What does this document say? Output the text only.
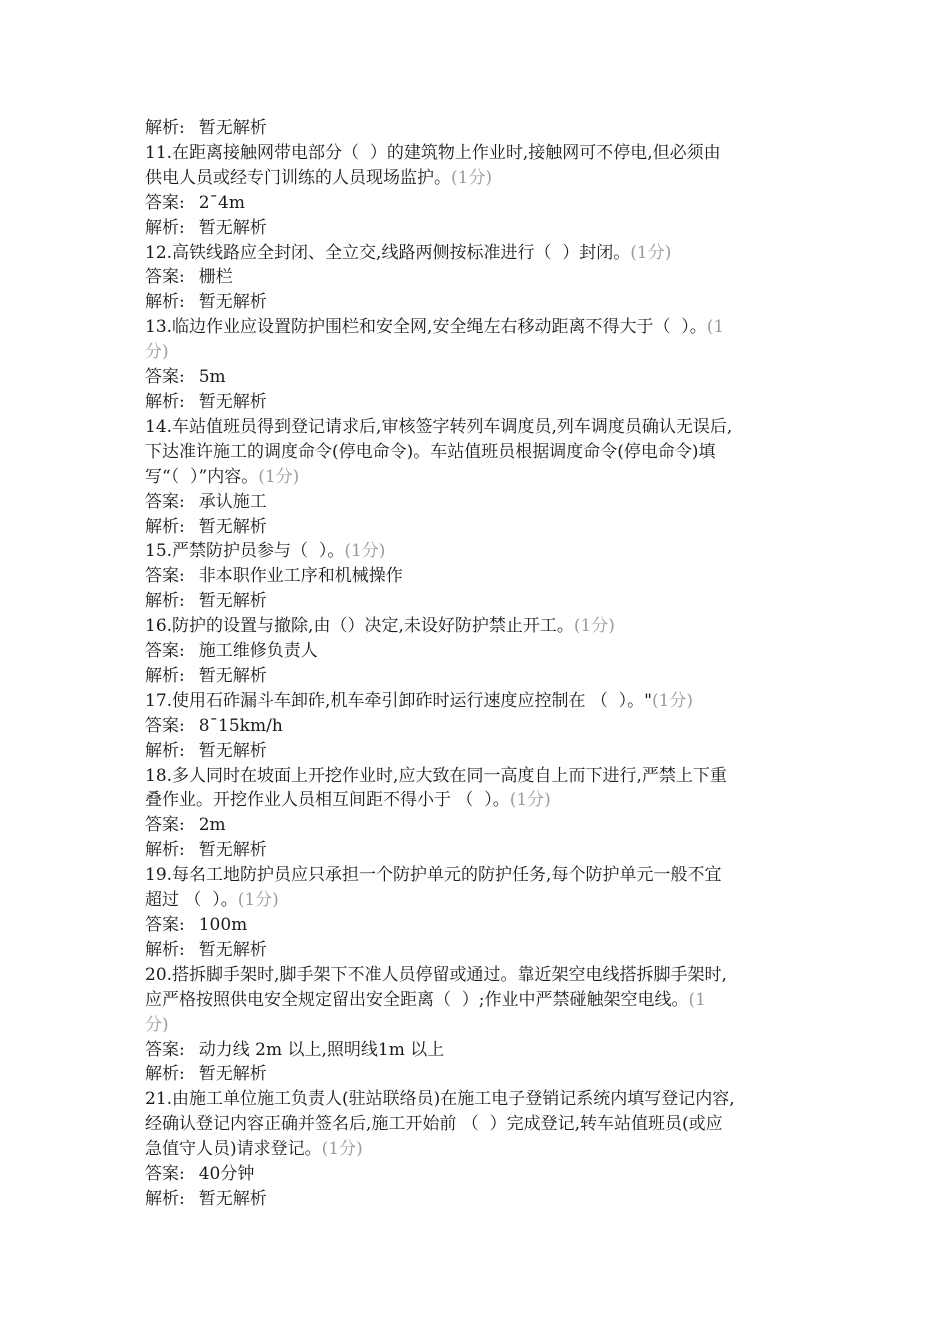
解析: 暂无解析
11.在距离接触网带电部分（  ）的建筑物上作业时,接触网可不停电,但必须由
供电人员或经专门训练的人员现场监护。(1分)
答案: 2¯4m
解析: 暂无解析
12.高铁线路应全封闭、全立交,线路两侧按标准进行（  ）封闭。(1分)
答案: 栅栏
解析: 暂无解析
13.临边作业应设置防护围栏和安全网,安全绳左右移动距离不得大于（  ）。(1
分)
答案: 5m
解析: 暂无解析
14.车站值班员得到登记请求后,审核签字转列车调度员,列车调度员确认无误后,
下达准许施工的调度命令(停电命令)。车站值班员根据调度命令(停电命令)填
写“（  ）”内容。(1分)
答案: 承认施工
解析: 暂无解析
15.严禁防护员参与（  ）。(1分)
答案: 非本职作业工序和机械操作
解析: 暂无解析
16.防护的设置与撤除,由（）决定,未设好防护禁止开工。(1分)
答案: 施工维修负责人
解析: 暂无解析
17.使用石砟漏斗车卸砟,机车牵引卸砟时运行速度应控制在 （  ）。"(1分)
答案: 8¯15km/h
解析: 暂无解析
18.多人同时在坡面上开挖作业时,应大致在同一高度自上而下进行,严禁上下重
叠作业。开挖作业人员相互间距不得小于 （  ）。(1分)
答案: 2m
解析: 暂无解析
19.每名工地防护员应只承担一个防护单元的防护任务,每个防护单元一般不宜
超过 （  ）。(1分)
答案: 100m
解析: 暂无解析
20.搭拆脚手架时,脚手架下不准人员停留或通过。靠近架空电线搭拆脚手架时,
应严格按照供电安全规定留出安全距离（  ）;作业中严禁碰触架空电线。(1
分)
答案: 动力线 2m 以上,照明线1m 以上
解析: 暂无解析
21.由施工单位施工负责人(驻站联络员)在施工电子登销记系统内填写登记内容,
经确认登记内容正确并签名后,施工开始前 （  ）完成登记,转车站值班员(或应
急值守人员)请求登记。(1分)
答案: 40分钟
解析: 暂无解析
